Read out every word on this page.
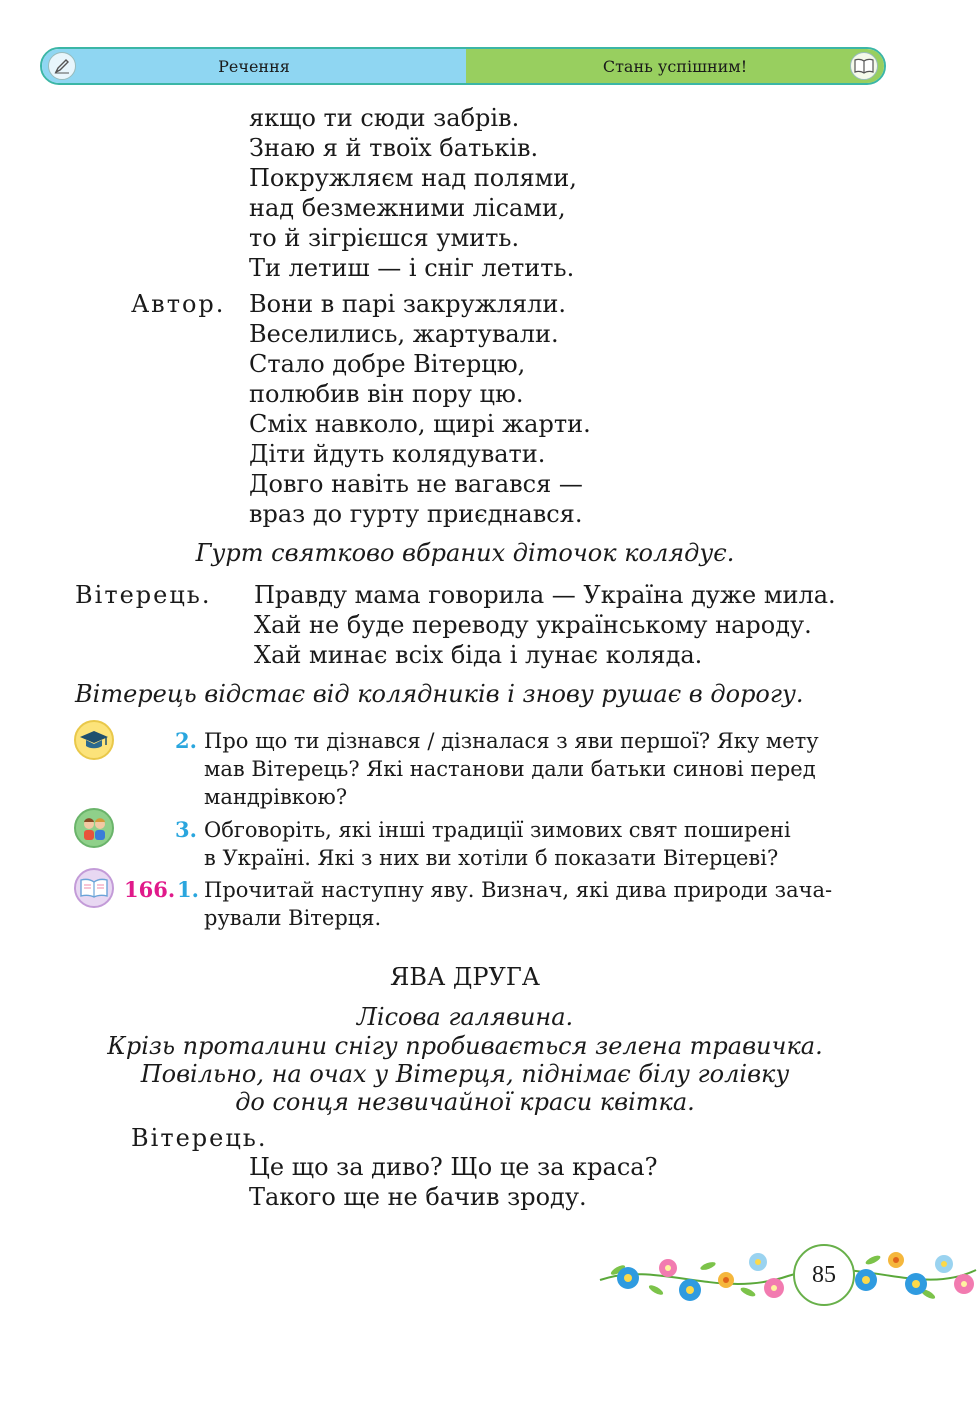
Речення	Стань успішним!
якщо ти сюди забрів.
Знаю я й твоїх батьків.
Покружляєм над полями,
над безмежними лісами,
то й зігрієшся умить.
Ти летиш — і сніг летить.
Автор. Вони в парі закружляли.
Веселились, жартували.
Стало добре Вітерцю,
полюбив він пору цю.
Сміх навколо, щирі жарти.
Діти йдуть колядувати.
Довго навіть не вагався —
враз до гурту приєднався.
Гурт святково вбраних діточок колядує.
Вітерець. Правду мама говорила — Україна дуже мила.
Хай не буде переводу українському народу.
Хай минає всіх біда і лунає коляда.
Вітерець відстає від колядників і знову рушає в дорогу.
2. Про що ти дізнався / дізналася з яви першої? Яку мету
мав Вітерець? Які настанови дали батьки синові перед
мандрівкою?
3. Обговоріть, які інші традиції зимових свят поширені
в Україні. Які з них ви хотіли б показати Вітерцеві?
166. 1. Прочитай наступну яву. Визнач, які дива природи зача-
рували Вітерця.
ЯВА ДРУГА
Лісова галявина.
Крізь проталини снігу пробивається зелена травичка.
Повільно, на очах у Вітерця, піднімає білу голівку
до сонця незвичайної краси квітка.
Вітерець.
Це що за диво? Що це за краса?
Такого ще не бачив зроду.
85
